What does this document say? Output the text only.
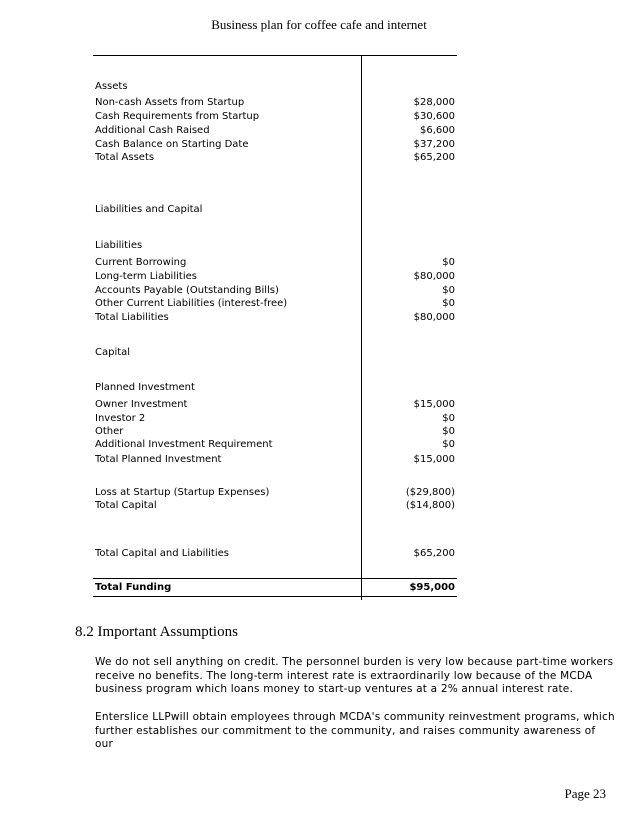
Business plan for coffee cafe and internet
Assets
Non-cash Assets from Startup	$28,000
Cash Requirements from Startup	$30,600
Additional Cash Raised	$6,600
Cash Balance on Starting Date	$37,200
Total Assets	$65,200
Liabilities and Capital
Liabilities
Current Borrowing	$0
Long-term Liabilities	$80,000
Accounts Payable (Outstanding Bills)	$0
Other Current Liabilities (interest-free)	$0
Total Liabilities	$80,000
Capital
Planned Investment
Owner Investment	$15,000
Investor 2	$0
Other	$0
Additional Investment Requirement	$0
Total Planned Investment	$15,000
Loss at Startup (Startup Expenses)	($29,800)
Total Capital	($14,800)
Total Capital and Liabilities	$65,200
Total Funding	$95,000
8.2 Important Assumptions
We do not sell anything on credit. The personnel burden is very low because part-time workers
receive no benefits. The long-term interest rate is extraordinarily low because of the MCDA
business program which loans money to start-up ventures at a 2% annual interest rate.
Enterslice LLPwill obtain employees through MCDA's community reinvestment programs, which
further establishes our commitment to the community, and raises community awareness of our
Page 23
